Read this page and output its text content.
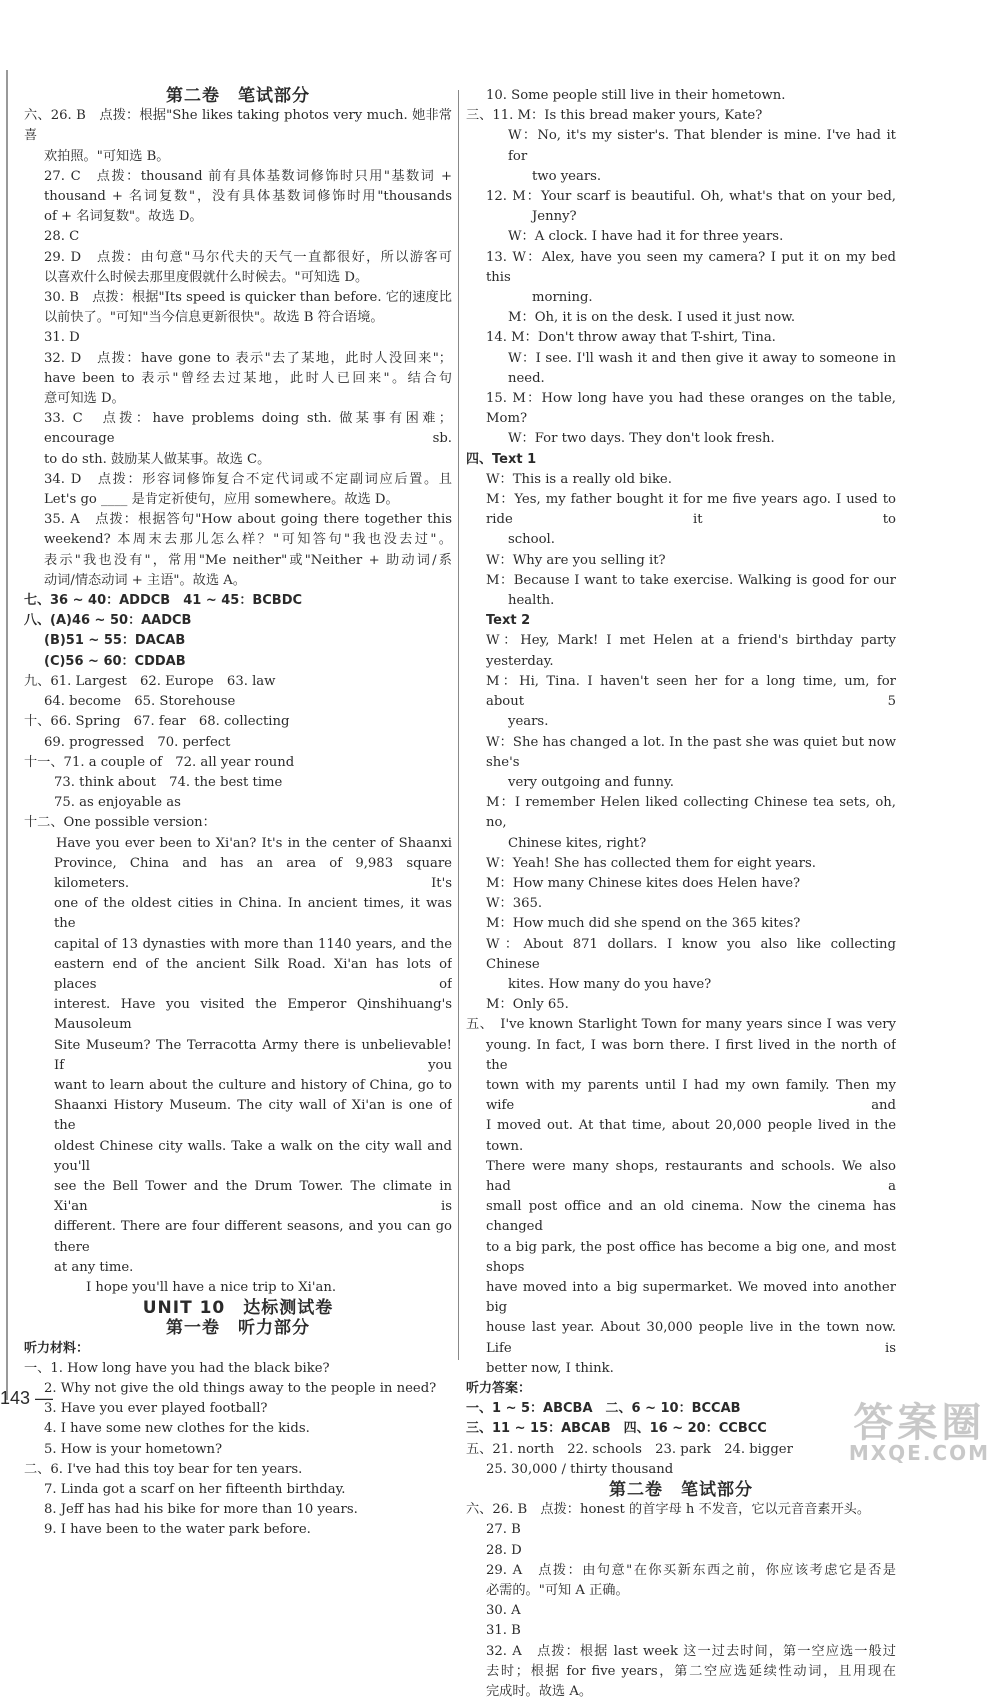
第二卷　笔试部分
六、26. B　点拨：根据"She likes taking photos very much. 她非常喜
欢拍照。"可知选 B。
27. C　点拨：thousand 前有具体基数词修饰时只用"基数词 +
thousand + 名词复数"，没有具体基数词修饰时用"thousands
of + 名词复数"。故选 D。
28. C
29. D　点拨：由句意"马尔代夫的天气一直都很好，所以游客可
以喜欢什么时候去那里度假就什么时候去。"可知选 D。
30. B　点拨：根据"Its speed is quicker than before. 它的速度比
以前快了。"可知"当今信息更新很快"。故选 B 符合语境。
31. D
32. D　点拨：have gone to 表示"去了某地，此时人没回来"；
have been to 表示"曾经去过某地，此时人已回来"。结合句
意可知选 D。
33. C　点拨：have problems doing sth. 做某事有困难；encourage sb.
to do sth. 鼓励某人做某事。故选 C。
34. D　点拨：形容词修饰复合不定代词或不定副词应后置。且
Let's go ____ 是肯定祈使句，应用 somewhere。故选 D。
35. A　点拨：根据答句"How about going there together this
weekend? 本周末去那儿怎么样？"可知答句"我也没去过"。
表示"我也没有"，常用"Me neither"或"Neither + 助动词/系
动词/情态动词 + 主语"。故选 A。
七、36 ~ 40：ADDCB　41 ~ 45：BCBDC
八、(A)46 ~ 50：AADCB
(B)51 ~ 55：DACAB
(C)56 ~ 60：CDDAB
九、61. Largest　62. Europe　63. law
64. become　65. Storehouse
十、66. Spring　67. fear　68. collecting
69. progressed　70. perfect
十一、71. a couple of　72. all year round
73. think about　74. the best time
75. as enjoyable as
十二、One possible version：
Have you ever been to Xi'an? It's in the center of Shaanxi
Province, China and has an area of 9,983 square kilometers. It's
one of the oldest cities in China. In ancient times, it was the
capital of 13 dynasties with more than 1140 years, and the
eastern end of the ancient Silk Road. Xi'an has lots of places of
interest. Have you visited the Emperor Qinshihuang's Mausoleum
Site Museum? The Terracotta Army there is unbelievable! If you
want to learn about the culture and history of China, go to
Shaanxi History Museum. The city wall of Xi'an is one of the
oldest Chinese city walls. Take a walk on the city wall and you'll
see the Bell Tower and the Drum Tower. The climate in Xi'an is
different. There are four different seasons, and you can go there
at any time.
I hope you'll have a nice trip to Xi'an.
UNIT 10　达标测试卷
第一卷　听力部分
听力材料：
一、1. How long have you had the black bike?
2. Why not give the old things away to the people in need?
3. Have you ever played football?
4. I have some new clothes for the kids.
5. How is your hometown?
二、6. I've had this toy bear for ten years.
7. Linda got a scarf on her fifteenth birthday.
8. Jeff has had his bike for more than 10 years.
9. I have been to the water park before.
10. Some people still live in their hometown.
三、11. M：Is this bread maker yours, Kate?
W：No, it's my sister's. That blender is mine. I've had it for
two years.
12. M：Your scarf is beautiful. Oh, what's that on your bed,
Jenny?
W：A clock. I have had it for three years.
13. W：Alex, have you seen my camera? I put it on my bed this
morning.
M：Oh, it is on the desk. I used it just now.
14. M：Don't throw away that T-shirt, Tina.
W：I see. I'll wash it and then give it away to someone in need.
15. M：How long have you had these oranges on the table, Mom?
W：For two days. They don't look fresh.
四、Text 1
W：This is a really old bike.
M：Yes, my father bought it for me five years ago. I used to ride it to
school.
W：Why are you selling it?
M：Because I want to take exercise. Walking is good for our
health.
Text 2
W：Hey, Mark! I met Helen at a friend's birthday party yesterday.
M：Hi, Tina. I haven't seen her for a long time, um, for about 5
years.
W：She has changed a lot. In the past she was quiet but now she's
very outgoing and funny.
M：I remember Helen liked collecting Chinese tea sets, oh, no,
Chinese kites, right?
W：Yeah! She has collected them for eight years.
M：How many Chinese kites does Helen have?
W：365.
M：How much did she spend on the 365 kites?
W：About 871 dollars. I know you also like collecting Chinese
kites. How many do you have?
M：Only 65.
五、　I've known Starlight Town for many years since I was very
young. In fact, I was born there. I first lived in the north of the
town with my parents until I had my own family. Then my wife and
I moved out. At that time, about 20,000 people lived in the town.
There were many shops, restaurants and schools. We also had a
small post office and an old cinema. Now the cinema has changed
to a big park, the post office has become a big one, and most shops
have moved into a big supermarket. We moved into another big
house last year. About 30,000 people live in the town now. Life is
better now, I think.
听力答案：
一、1 ~ 5：ABCBA　二、6 ~ 10：BCCAB
三、11 ~ 15：ABCAB　四、16 ~ 20：CCBCC
五、21. north　22. schools　23. park　24. bigger
25. 30,000 / thirty thousand
第二卷　笔试部分
六、26. B　点拨：honest 的首字母 h 不发音，它以元音音素开头。
27. B
28. D
29. A　点拨：由句意"在你买新东西之前，你应该考虑它是否是
必需的。"可知 A 正确。
30. A
31. B
32. A　点拨：根据 last week 这一过去时间，第一空应选一般过
去时；根据 for five years，第二空应选延续性动词，且用现在
完成时。故选 A。
143 —
答案圈
MXQE.COM
